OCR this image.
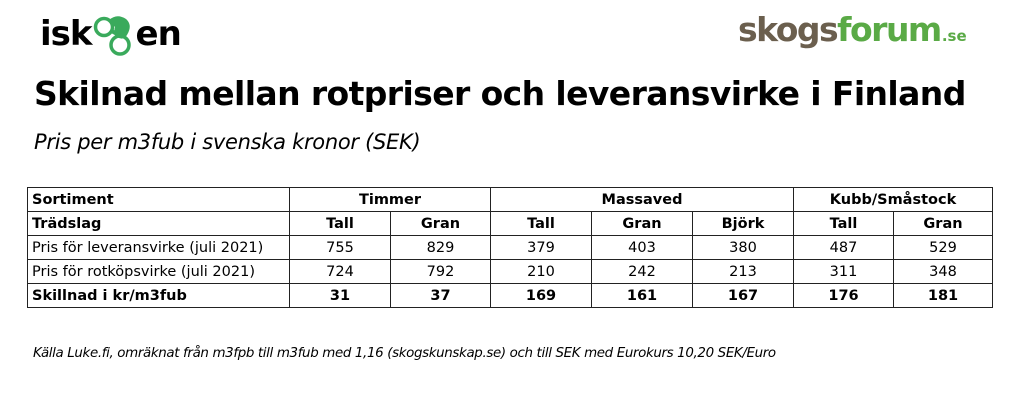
isk en	skogsforum.se
Skilnad mellan rotpriser och leveransvirke i Finland

Pris per m3fub i svenska kronor (SEK)

Sortiment	Timmer		Massaved			Kubb/Småstock	
Trädslag	Tall	Gran	Tall	Gran	Björk	Tall	Gran
Pris för leveransvirke (juli 2021)	755	829	379	403	380	487	529
Pris för rotköpsvirke (juli 2021)	724	792	210	242	213	311	348
Skillnad i kr/m3fub	31	37	169	161	167	176	181

Källa Luke.fi, omräknat från m3fpb till m3fub med 1,16 (skogskunskap.se) och till SEK med Eurokurs 10,20 SEK/Euro
